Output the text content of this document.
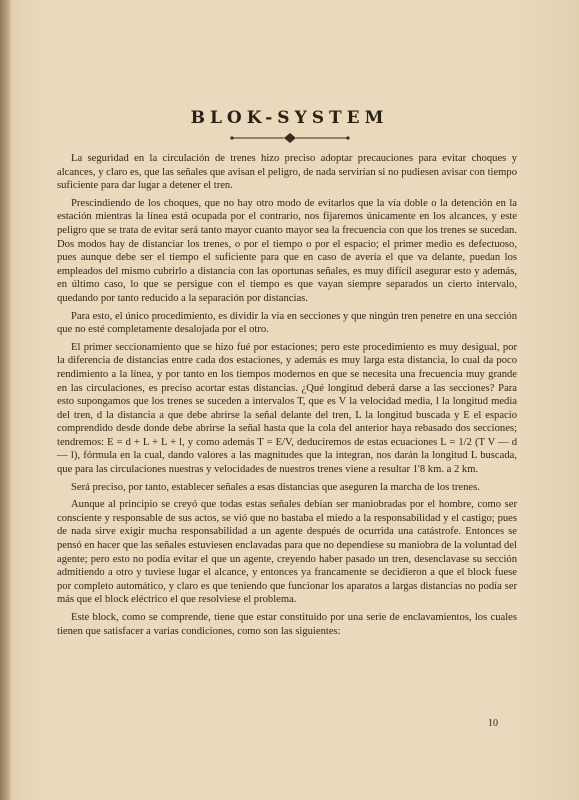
BLOK-SYSTEM

La seguridad en la circulación de trenes hizo preciso adoptar precauciones para evitar choques y alcances, y claro es, que las señales que avisan el peligro, de nada servirían si no pudiesen avisar con tiempo suficiente para dar lugar a detener el tren.

Prescindiendo de los choques, que no hay otro modo de evitarlos que la vía doble o la detención en la estación mientras la línea está ocupada por el contrario, nos fijaremos únicamente en los alcances, y este peligro que se trata de evitar será tanto mayor cuanto mayor sea la frecuencia con que los trenes se sucedan. Dos modos hay de distanciar los trenes, o por el tiempo o por el espacio; el primer medio es defectuoso, pues aunque debe ser el tiempo el suficiente para que en caso de avería el que va delante, puedan los empleados del mismo cubrirlo a distancia con las oportunas señales, es muy difícil asegurar esto y además, en último caso, lo que se persigue con el tiempo es que vayan siempre separados un cierto intervalo, quedando por tanto reducido a la separación por distancias.

Para esto, el único procedimiento, es dividir la vía en secciones y que ningún tren penetre en una sección que no esté completamente desalojada por el otro.

El primer seccionamiento que se hizo fué por estaciones; pero este procedimiento es muy desigual, por la diferencia de distancias entre cada dos estaciones, y además es muy larga esta distancia, lo cual da poco rendimiento a la línea, y por tanto en los tiempos modernos en que se necesita una frecuencia muy grande en las circulaciones, es preciso acortar estas distancias. ¿Qué longitud deberá darse a las secciones? Para esto supongamos que los trenes se suceden a intervalos T, que es V la velocidad media, l la longitud media del tren, d la distancia a que debe abrirse la señal delante del tren, L la longitud buscada y E el espacio comprendido desde donde debe abrirse la señal hasta que la cola del anterior haya rebasado dos secciones; tendremos: E = d + L + L + l, y como además T = E/V, deduciremos de estas ecuaciones L = 1/2 (T V — d — l), fórmula en la cual, dando valores a las magnitudes que la integran, nos darán la longitud L buscada, que para las circulaciones nuestras y velocidades de nuestros trenes viene a resultar 1'8 km. a 2 km.

Será preciso, por tanto, establecer señales a esas distancias que aseguren la marcha de los trenes.

Aunque al principio se creyó que todas estas señales debían ser maniobradas por el hombre, como ser consciente y responsable de sus actos, se vió que no bastaba el miedo a la responsabilidad y el castigo; pues de nada sirve exigir mucha responsabilidad a un agente después de ocurrida una catástrofe. Entonces se pensó en hacer que las señales estuviesen enclavadas para que no dependiese su maniobra de la voluntad del agente; pero esto no podía evitar el que un agente, creyendo haber pasado un tren, desenclavase su sección admitiendo a otro y tuviese lugar el alcance, y entonces ya francamente se decidieron a que el block fuese por completo automático, y claro es que teniendo que funcionar los aparatos a largas distancias no podía ser más que el block eléctrico el que resolviese el problema.

Este block, como se comprende, tiene que estar constituído por una serie de enclavamientos, los cuales tienen que satisfacer a varias condiciones, como son las siguientes:

10
